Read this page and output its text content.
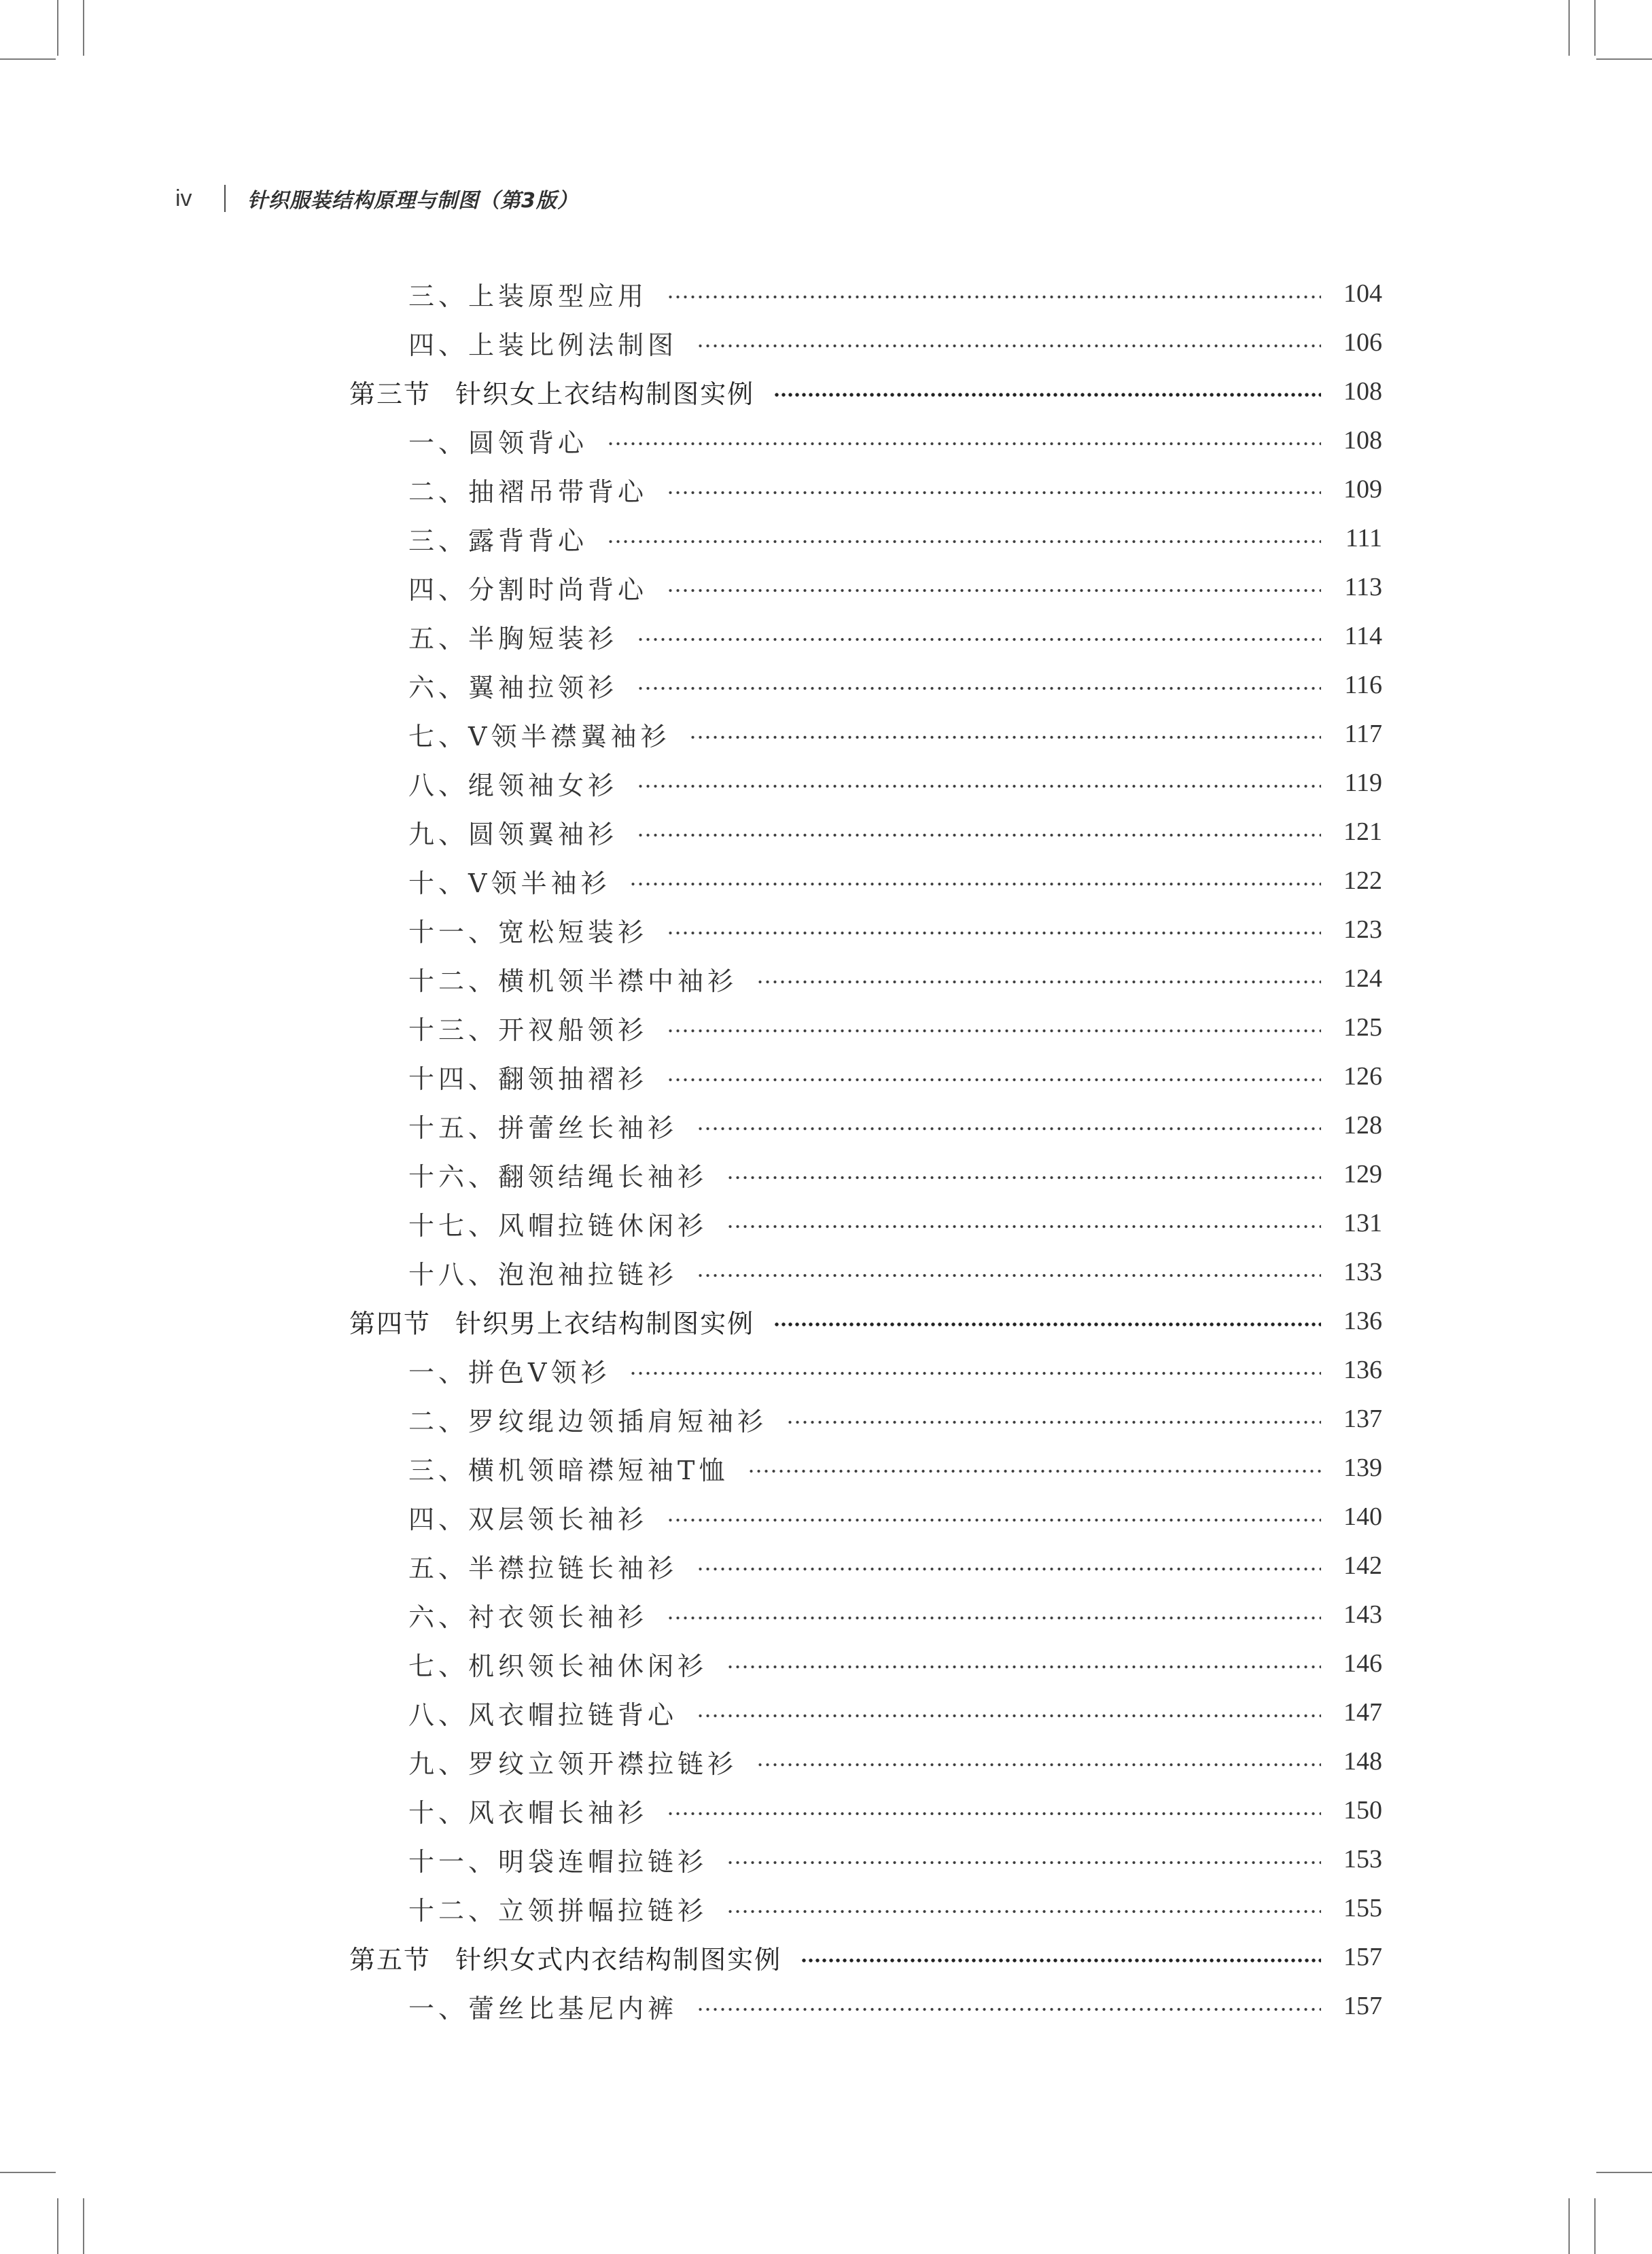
iv	针织服装结构原理与制图（第3版）
三、上装原型应用	104
四、上装比例法制图	106
第三节 针织女上衣结构制图实例	108
一、圆领背心	108
二、抽褶吊带背心	109
三、露背背心	111
四、分割时尚背心	113
五、半胸短装衫	114
六、翼袖拉领衫	116
七、V领半襟翼袖衫	117
八、绲领袖女衫	119
九、圆领翼袖衫	121
十、V领半袖衫	122
十一、宽松短装衫	123
十二、横机领半襟中袖衫	124
十三、开衩船领衫	125
十四、翻领抽褶衫	126
十五、拼蕾丝长袖衫	128
十六、翻领结绳长袖衫	129
十七、风帽拉链休闲衫	131
十八、泡泡袖拉链衫	133
第四节 针织男上衣结构制图实例	136
一、拼色V领衫	136
二、罗纹绲边领插肩短袖衫	137
三、横机领暗襟短袖T恤	139
四、双层领长袖衫	140
五、半襟拉链长袖衫	142
六、衬衣领长袖衫	143
七、机织领长袖休闲衫	146
八、风衣帽拉链背心	147
九、罗纹立领开襟拉链衫	148
十、风衣帽长袖衫	150
十一、明袋连帽拉链衫	153
十二、立领拼幅拉链衫	155
第五节 针织女式内衣结构制图实例	157
一、蕾丝比基尼内裤	157
